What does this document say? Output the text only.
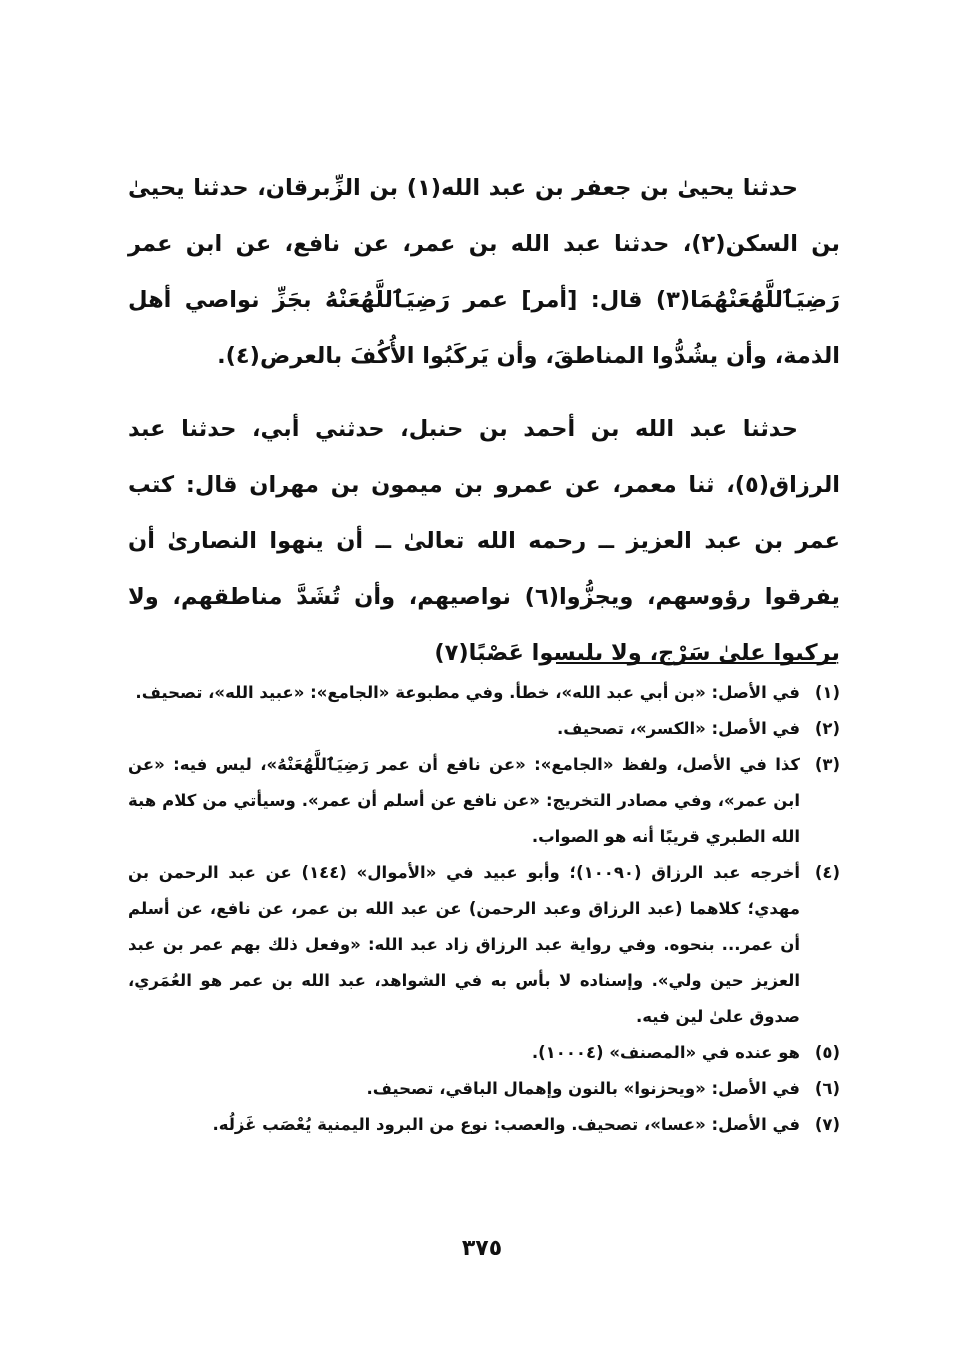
حدثنا يحيىٰ بن جعفر بن عبد الله(١) بن الزِّبرقان، حدثنا يحيىٰ بن السكن(٢)، حدثنا عبد الله بن عمر، عن نافع، عن ابن عمر رَضِيَٱللَّهُعَنْهُمَا(٣) قال: [أمر] عمر رَضِيَٱللَّهُعَنْهُ بجَزِّ نواصي أهل الذمة، وأن يشُدُّوا المناطقَ، وأن يَركَبُوا الأُكُفَ بالعرض(٤).

حدثنا عبد الله بن أحمد بن حنبل، حدثني أبي، حدثنا عبد الرزاق(٥)، ثنا معمر، عن عمرو بن ميمون بن مهران قال: كتب عمر بن عبد العزيز ــ رحمه الله تعالىٰ ــ أن ينهوا النصارىٰ أن يفرقوا رؤوسهم، ويجزُّوا(٦) نواصيهم، وأن تُشَدَّ مناطقهم، ولا يركبوا علىٰ سَرْج، ولا يلبسوا عَصْبًا(٧)

(١)
في الأصل: «بن أبي عبد الله»، خطأ. وفي مطبوعة «الجامع»: «عبيد الله»، تصحيف.
(٢)
في الأصل: «الكسر»، تصحيف.
(٣)
كذا في الأصل، ولفظ «الجامع»: «عن نافع أن عمر رَضِيَٱللَّهُعَنْهُ»، ليس فيه: «عن ابن عمر»، وفي مصادر التخريج: «عن نافع عن أسلم أن عمر». وسيأتي من كلام هبة الله الطبري قريبًا أنه هو الصواب.
(٤)
أخرجه عبد الرزاق (١٠٠٩٠)؛ وأبو عبيد في «الأموال» (١٤٤) عن عبد الرحمن بن مهدي؛ كلاهما (عبد الرزاق وعبد الرحمن) عن عبد الله بن عمر، عن نافع، عن أسلم أن عمر... بنحوه. وفي رواية عبد الرزاق زاد عبد الله: «وفعل ذلك بهم عمر بن عبد العزيز حين ولي». وإسناده لا بأس به في الشواهد، عبد الله بن عمر هو العُمَري، صدوق علىٰ لين فيه.
(٥)
هو عنده في «المصنف» (١٠٠٠٤).
(٦)
في الأصل: «ويحزنوا» بالنون وإهمال الباقي، تصحيف.
(٧)
في الأصل: «عسا»، تصحيف. والعصب: نوع من البرود اليمنية يُعْصَب غَزلُه.
٣٧٥
